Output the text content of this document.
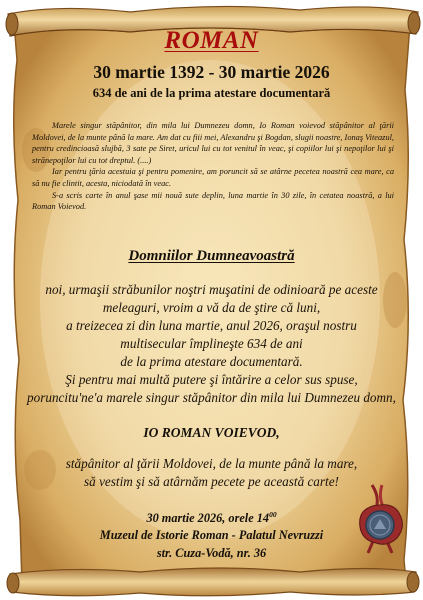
ROMAN
30 martie 1392 - 30 martie 2026
634 de ani de la prima atestare documentară

Marele singur stăpânitor, din mila lui Dumnezeu domn, Io Roman voievod stăpânitor al ţării Moldovei, de la munte până la mare. Am dat cu fiii mei, Alexandru şi Bogdan, slugii noastre, Ionaş Viteazul, pentru credincioasă slujbă, 3 sate pe Siret, uricul lui cu tot venitul în veac, şi copiilor lui şi nepoţilor lui şi strănepoţilor lui cu tot dreptul. (....)

Iar pentru ţăria acestuia şi pentru pomenire, am poruncit să se atârne pecetea noastră cea mare, ca să nu fie clintit, acesta, niciodată în veac.

S-a scris carte în anul şase mii nouă sute deplin, luna martie în 30 zile, în cetatea noastră, a lui Roman Voievod.

Domniilor Dumneavoastră
noi, urmaşii străbunilor noştri muşatini de odinioară pe aceste
meleaguri, vroim a vă da de ştire că luni,
a treizecea zi din luna martie, anul 2026, oraşul nostru
multisecular împlineşte 634 de ani
de la prima atestare documentară.
Şi pentru mai multă putere şi întărire a celor sus spuse,
poruncitu'ne'a marele singur stăpânitor din mila lui Dumnezeu domn,
IO ROMAN VOIEVOD,
stăpânitor al ţării Moldovei, de la munte până la mare,
să vestim şi să atârnăm pecete pe această carte!
30 martie 2026, orele $14^{00}$
Muzeul de Istorie Roman - Palatul Nevruzzi
str. Cuza-Vodă, nr. 36
